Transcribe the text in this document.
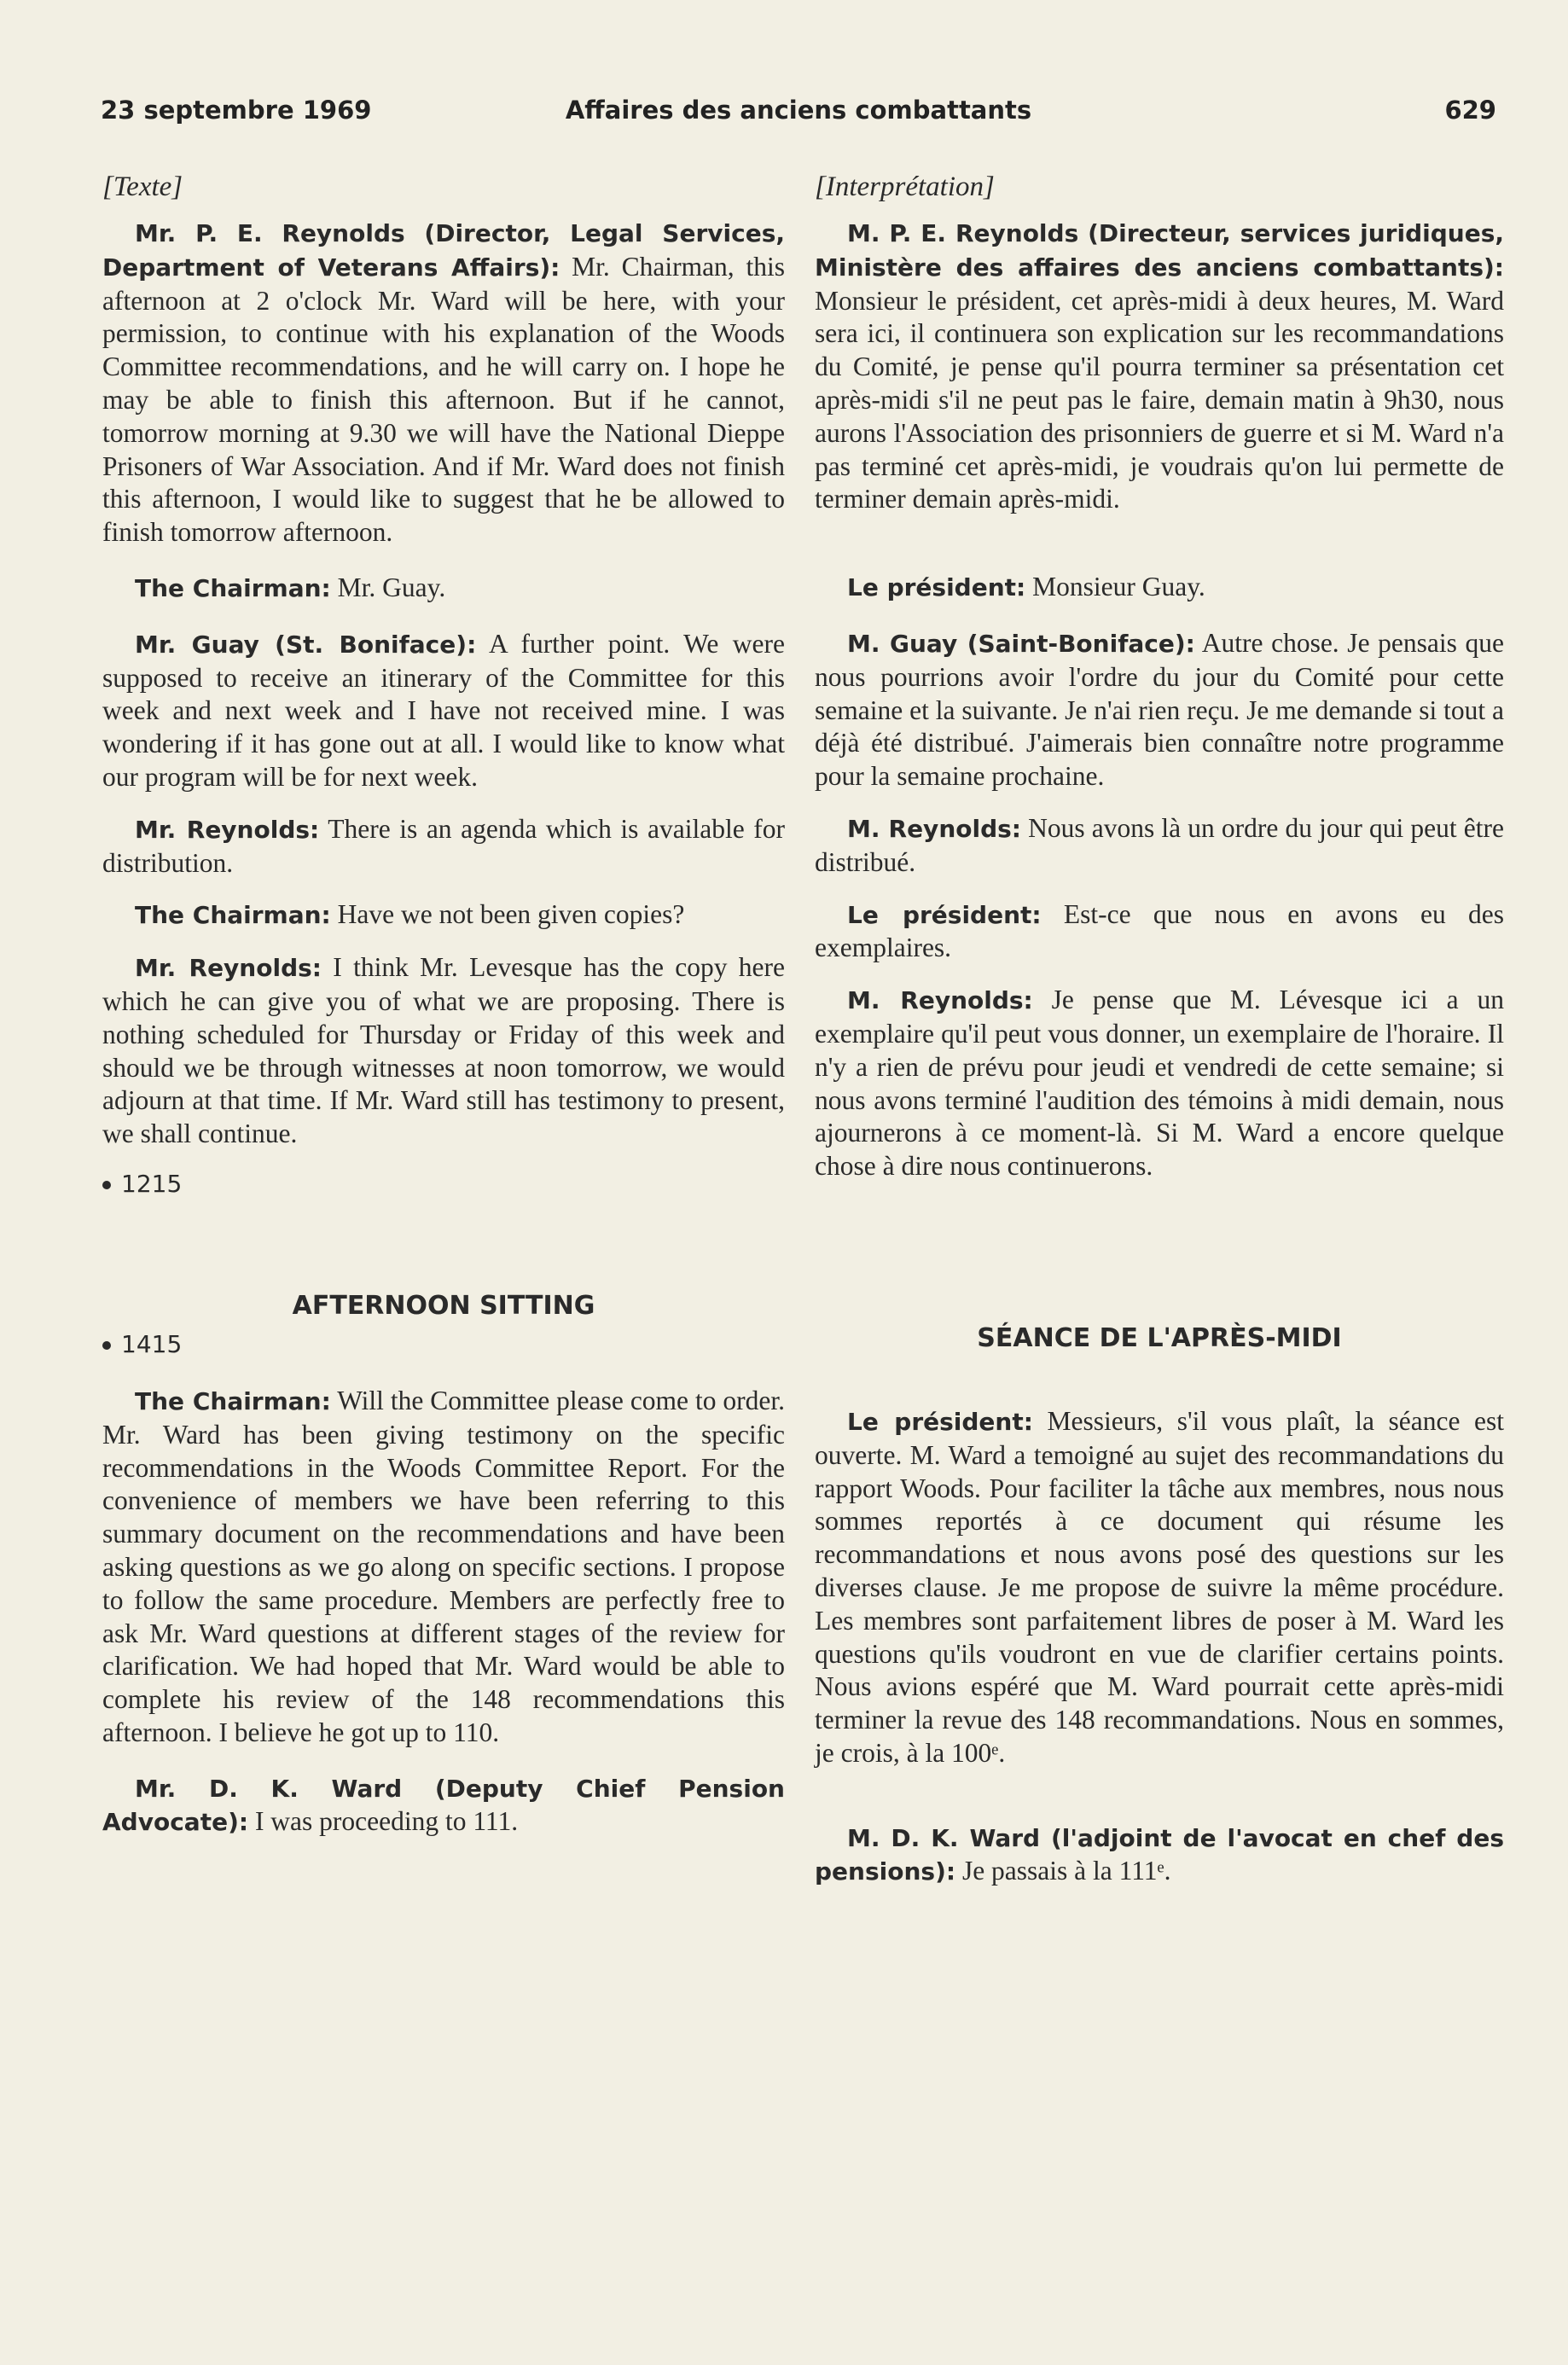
23 septembre 1969	Affaires des anciens combattants	629
[Texte]

Mr. P. E. Reynolds (Director, Legal Services, Department of Veterans Affairs): Mr. Chairman, this afternoon at 2 o'clock Mr. Ward will be here, with your permission, to continue with his explanation of the Woods Committee recommendations, and he will carry on. I hope he may be able to finish this afternoon. But if he cannot, tomorrow morning at 9.30 we will have the National Dieppe Prisoners of War Association. And if Mr. Ward does not finish this afternoon, I would like to suggest that he be allowed to finish tomorrow afternoon.

The Chairman: Mr. Guay.

Mr. Guay (St. Boniface): A further point. We were supposed to receive an itinerary of the Committee for this week and next week and I have not received mine. I was wondering if it has gone out at all. I would like to know what our program will be for next week.

Mr. Reynolds: There is an agenda which is available for distribution.

The Chairman: Have we not been given copies?

Mr. Reynolds: I think Mr. Levesque has the copy here which he can give you of what we are proposing. There is nothing scheduled for Thursday or Friday of this week and should we be through witnesses at noon tomorrow, we would adjourn at that time. If Mr. Ward still has testimony to present, we shall continue.

1215
AFTERNOON SITTING
1415

The Chairman: Will the Committee please come to order. Mr. Ward has been giving testimony on the specific recommendations in the Woods Committee Report. For the convenience of members we have been referring to this summary document on the recommendations and have been asking questions as we go along on specific sections. I propose to follow the same procedure. Members are perfectly free to ask Mr. Ward questions at different stages of the review for clarification. We had hoped that Mr. Ward would be able to complete his review of the 148 recommendations this afternoon. I believe he got up to 110.

Mr. D. K. Ward (Deputy Chief Pension Advocate): I was proceeding to 111.

[Interprétation]

M. P. E. Reynolds (Directeur, services juridiques, Ministère des affaires des anciens combattants): Monsieur le président, cet après-midi à deux heures, M. Ward sera ici, il continuera son explication sur les recommandations du Comité, je pense qu'il pourra terminer sa présentation cet après-midi s'il ne peut pas le faire, demain matin à 9h30, nous aurons l'Association des prisonniers de guerre et si M. Ward n'a pas terminé cet après-midi, je voudrais qu'on lui permette de terminer demain après-midi.

Le président: Monsieur Guay.

M. Guay (Saint-Boniface): Autre chose. Je pensais que nous pourrions avoir l'ordre du jour du Comité pour cette semaine et la suivante. Je n'ai rien reçu. Je me demande si tout a déjà été distribué. J'aimerais bien connaître notre programme pour la semaine prochaine.

M. Reynolds: Nous avons là un ordre du jour qui peut être distribué.

Le président: Est-ce que nous en avons eu des exemplaires.

M. Reynolds: Je pense que M. Lévesque ici a un exemplaire qu'il peut vous donner, un exemplaire de l'horaire. Il n'y a rien de prévu pour jeudi et vendredi de cette semaine; si nous avons terminé l'audition des témoins à midi demain, nous ajournerons à ce moment-là. Si M. Ward a encore quelque chose à dire nous continuerons.

SÉANCE DE L'APRÈS-MIDI

Le président: Messieurs, s'il vous plaît, la séance est ouverte. M. Ward a temoigné au sujet des recommandations du rapport Woods. Pour faciliter la tâche aux membres, nous nous sommes reportés à ce document qui résume les recommandations et nous avons posé des questions sur les diverses clause. Je me propose de suivre la même procédure. Les membres sont parfaitement libres de poser à M. Ward les questions qu'ils voudront en vue de clarifier certains points. Nous avions espéré que M. Ward pourrait cette après-midi terminer la revue des 148 recommandations. Nous en sommes, je crois, à la 100ᵉ.

M. D. K. Ward (l'adjoint de l'avocat en chef des pensions): Je passais à la 111ᵉ.
